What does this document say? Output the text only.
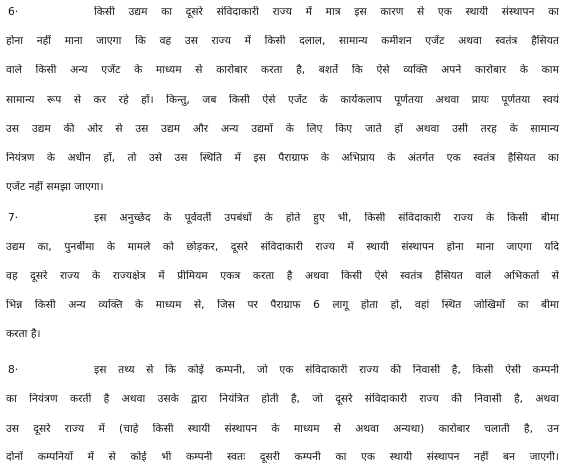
6·	किसी उद्यम का दूसरे संविदाकारी राज्य में मात्र इस कारण से एक स्थायी संस्थापन का
होना नहीं माना जाएगा कि वह उस राज्य में किसी दलाल, सामान्य कमीशन एजेंट अथवा स्वतंत्र हैसियत
वाले किसी अन्य एजेंट के माध्यम से कारोबार करता है, बशर्ते कि ऐसे व्यक्ति अपने कारोबार के काम
सामान्य रूप से कर रहे हों। किन्तु, जब किसी ऐसे एजेंट के कार्यकलाप पूर्णतया अथवा प्रायः पूर्णतया स्वयं
उस उद्यम की ओर से उस उद्यम और अन्य उद्यमों के लिए किए जाते हों अथवा उसी तरह के सामान्य
नियंत्रण के अधीन हों, तो उसे उस स्थिति में इस पैराग्राफ के अभिप्राय के अंतर्गत एक स्वतंत्र हैसियत का
एजेंट नहीं समझा जाएगा।
7·	इस अनुच्छेद के पूर्ववर्ती उपबंधों के होते हुए भी, किसी संविदाकारी राज्य के किसी बीमा
उद्यम का, पुनर्बीमा के मामले को छोड़कर, दूसरे संविदाकारी राज्य में स्थायी संस्थापन होना माना जाएगा यदि
वह दूसरे राज्य के राज्यक्षेत्र में प्रीमियम एकत्र करता है अथवा किसी ऐसे स्वतंत्र हैसियत वाले अभिकर्ता से
भिन्न किसी अन्य व्यक्ति के माध्यम से, जिस पर पैराग्राफ 6 लागू होता हो, वहां स्थित जोखिमों का बीमा
करता है।
8·	इस तथ्य से कि कोई कम्पनी, जो एक संविदाकारी राज्य की निवासी है, किसी ऐसी कम्पनी
का नियंत्रण करती है अथवा उसके द्वारा नियंत्रित होती है, जो दूसरे संविदाकारी राज्य की निवासी है, अथवा
उस दूसरे राज्य में (चाहे किसी स्थायी संस्थापन के माध्यम से अथवा अन्यथा) कारोबार चलाती है, उन
दोनों कम्पनियों में से कोई भी कम्पनी स्वतः दूसरी कम्पनी का एक स्थायी संस्थापन नहीं बन जाएगी।
